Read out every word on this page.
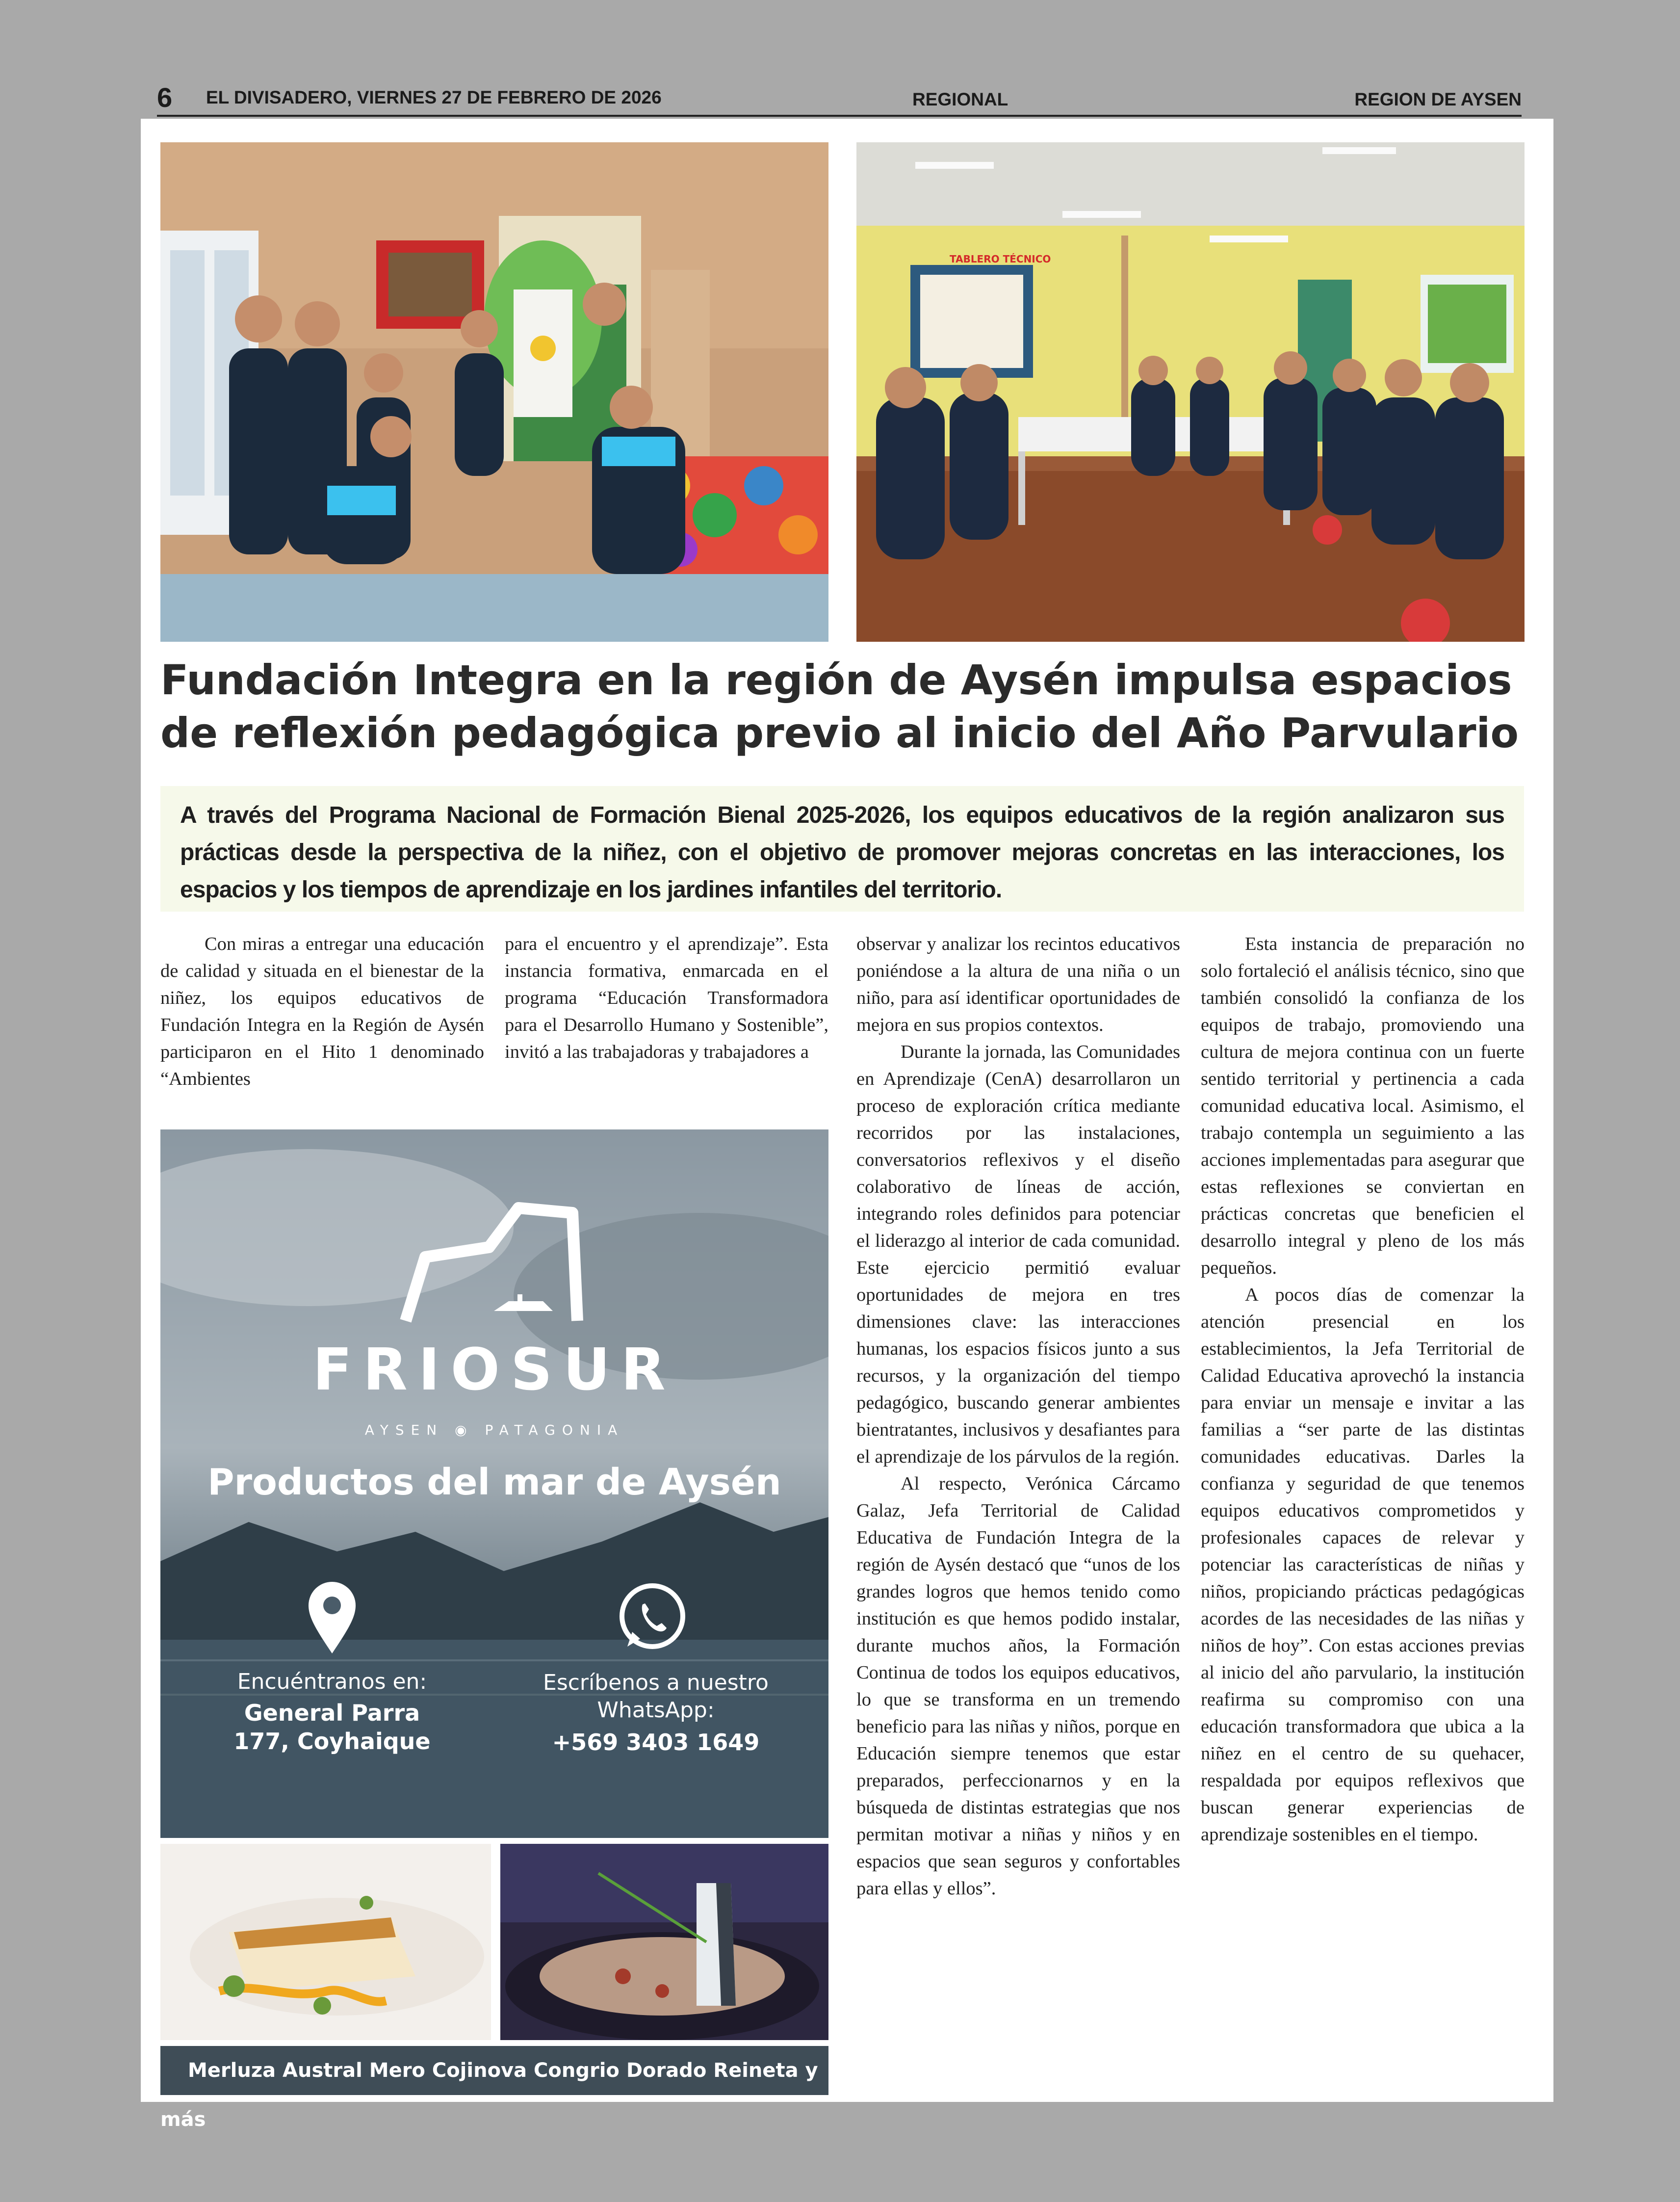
6 EL DIVISADERO, VIERNES 27 DE FEBRERO DE 2026	REGIONAL	REGION DE AYSEN
TABLERO TÉCNICO
Fundación Integra en la región de Aysén impulsa espacios de reflexión pedagógica previo al inicio del Año Parvulario
A través del Programa Nacional de Formación Bienal 2025-2026, los equipos educativos de la región analizaron sus prácticas desde la perspectiva de la niñez, con el objetivo de promover mejoras concretas en las interacciones, los espacios y los tiempos de aprendizaje en los jardines infantiles del territorio.

Con miras a entregar una educación de calidad y situada en el bienestar de la niñez, los equipos educativos de Fundación Integra en la Región de Aysén participaron en el Hito 1 denominado “Ambientes

para el encuentro y el aprendizaje”. Esta instancia formativa, enmarcada en el programa “Educación Transformadora para el Desarrollo Humano y Sostenible”, invitó a las trabajadoras y trabajadores a

observar y analizar los recintos educativos poniéndose a la altura de una niña o un niño, para así identificar oportunidades de mejora en sus propios contextos.

Durante la jornada, las Comunidades en Aprendizaje (CenA) desarrollaron un proceso de exploración crítica mediante recorridos por las instalaciones, conversatorios reflexivos y el diseño colaborativo de líneas de acción, integrando roles definidos para potenciar el liderazgo al interior de cada comunidad. Este ejercicio permitió evaluar oportunidades de mejora en tres dimensiones clave: las interacciones humanas, los espacios físicos junto a sus recursos, y la organización del tiempo pedagógico, buscando generar ambientes bientratantes, inclusivos y desafiantes para el aprendizaje de los párvulos de la región.

Al respecto, Verónica Cárcamo Galaz, Jefa Territorial de Calidad Educativa de Fundación Integra de la región de Aysén destacó que “unos de los grandes logros que hemos tenido como institución es que hemos podido instalar, durante muchos años, la Formación Continua de todos los equipos educativos, lo que se transforma en un tremendo beneficio para las niñas y niños, porque en Educación siempre tenemos que estar preparados, perfeccionarnos y en la búsqueda de distintas estrategias que nos permitan motivar a niñas y niños y en espacios que sean seguros y confortables para ellas y ellos”.

Esta instancia de preparación no solo fortaleció el análisis técnico, sino que también consolidó la confianza de los equipos de trabajo, promoviendo una cultura de mejora continua con un fuerte sentido territorial y pertinencia a cada comunidad educativa local. Asimismo, el trabajo contempla un seguimiento a las acciones implementadas para asegurar que estas reflexiones se conviertan en prácticas concretas que beneficien el desarrollo integral y pleno de los más pequeños.

A pocos días de comenzar la atención presencial en los establecimientos, la Jefa Territorial de Calidad Educativa aprovechó la instancia para enviar un mensaje e invitar a las familias a “ser parte de las distintas comunidades educativas. Darles la confianza y seguridad de que tenemos equipos educativos comprometidos y profesionales capaces de relevar y potenciar las características de niñas y niños, propiciando prácticas pedagógicas acordes de las necesidades de las niñas y niños de hoy”. Con estas acciones previas al inicio del año parvulario, la institución reafirma su compromiso con una educación transformadora que ubica a la niñez en el centro de su quehacer, respaldada por equipos reflexivos que buscan generar experiencias de aprendizaje sostenibles en el tiempo.

FRIOSUR
AYSEN ◉ PATAGONIA
Productos del mar de Aysén
Encuéntranos en:
General Parra 177, Coyhaique
Escríbenos a nuestro WhatsApp:
+569 3403 1649
Merluza Austral Mero Cojinova Congrio Dorado Reineta y más
